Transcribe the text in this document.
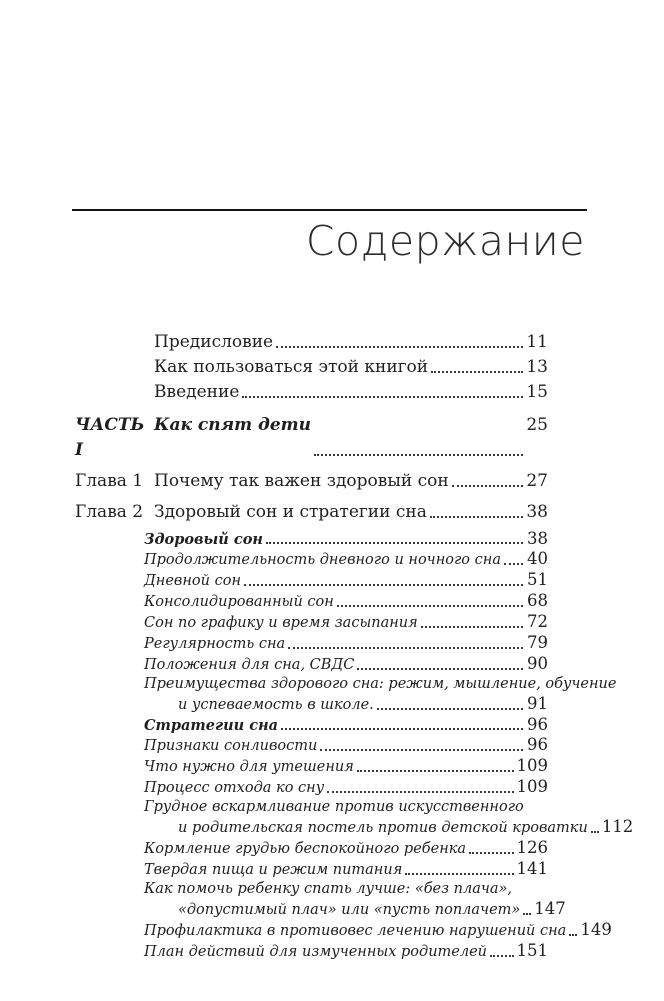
Содержание
Предисловие	11
Как пользоваться этой книгой	13
Введение	15
ЧАСТЬ I
Как спят дети	25
Глава 1 Почему так важен здоровый сон	27
Глава 2 Здоровый сон и стратегии сна	38
Здоровый сон	38
Продолжительность дневного и ночного сна 40
Дневной сон	51
Консолидированный сон	68
Сон по графику и время засыпания	72
Регулярность сна	79
Положения для сна, СВДС	90
Преимущества здорового сна: режим, мышление, обучение
и успеваемость в школе.	91
Стратегии сна	96
Признаки сонливости	96
Что нужно для утешения	109
Процесс отхода ко сну	109
Грудное вскармливание против искусственного
и родительская постель против детской кроватки 112
Кормление грудью беспокойного ребенка	126
Твердая пища и режим питания	141
Как помочь ребенку спать лучше: «без плача»,
«допустимый плач» или «пусть поплачет» 147
Профилактика в противовес лечению нарушений сна 149
План действий для измученных родителей 151
